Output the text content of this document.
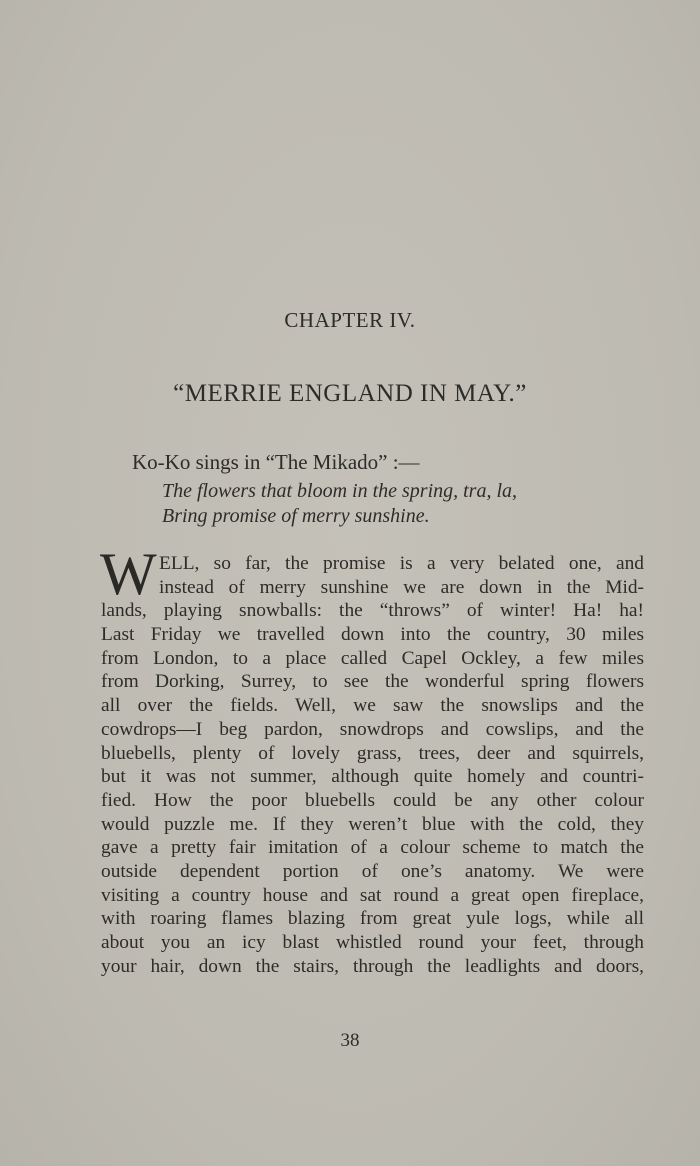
CHAPTER IV.
“MERRIE ENGLAND IN MAY.”
Ko-Ko sings in “The Mikado” :—
The flowers that bloom in the spring, tra, la,
Bring promise of merry sunshine.
W ELL, so far, the promise is a very belated one, and
instead of merry sunshine we are down in the Mid-
lands, playing snowballs: the “throws” of winter! Ha! ha!
Last Friday we travelled down into the country, 30 miles
from London, to a place called Capel Ockley, a few miles
from Dorking, Surrey, to see the wonderful spring flowers
all over the fields. Well, we saw the snowslips and the
cowdrops—I beg pardon, snowdrops and cowslips, and the
bluebells, plenty of lovely grass, trees, deer and squirrels,
but it was not summer, although quite homely and countri-
fied. How the poor bluebells could be any other colour
would puzzle me. If they weren’t blue with the cold, they
gave a pretty fair imitation of a colour scheme to match the
outside dependent portion of one’s anatomy. We were
visiting a country house and sat round a great open fireplace,
with roaring flames blazing from great yule logs, while all
about you an icy blast whistled round your feet, through
your hair, down the stairs, through the leadlights and doors,
38
